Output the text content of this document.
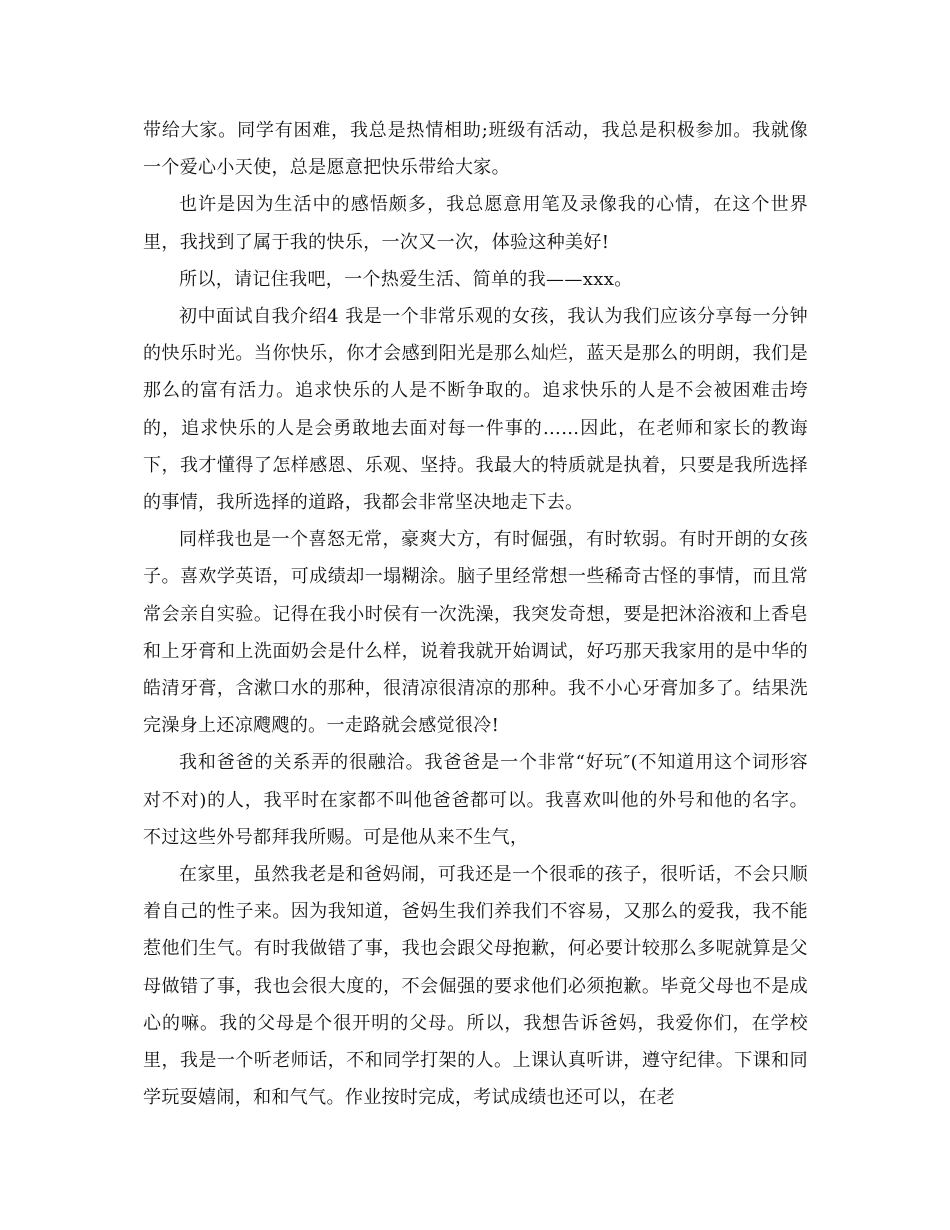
带给大家。同学有困难，我总是热情相助;班级有活动，我总是积极参加。我就像一个爱心小天使，总是愿意把快乐带给大家。

也许是因为生活中的感悟颇多，我总愿意用笔及录像我的心情，在这个世界里，我找到了属于我的快乐，一次又一次，体验这种美好!

所以，请记住我吧，一个热爱生活、简单的我——xxx。

初中面试自我介绍4 我是一个非常乐观的女孩，我认为我们应该分享每一分钟的快乐时光。当你快乐，你才会感到阳光是那么灿烂，蓝天是那么的明朗，我们是那么的富有活力。追求快乐的人是不断争取的。追求快乐的人是不会被困难击垮的，追求快乐的人是会勇敢地去面对每一件事的……因此，在老师和家长的教诲下，我才懂得了怎样感恩、乐观、坚持。我最大的特质就是执着，只要是我所选择的事情，我所选择的道路，我都会非常坚决地走下去。

同样我也是一个喜怒无常，豪爽大方，有时倔强，有时软弱。有时开朗的女孩子。喜欢学英语，可成绩却一塌糊涂。脑子里经常想一些稀奇古怪的事情，而且常常会亲自实验。记得在我小时侯有一次洗澡，我突发奇想，要是把沐浴液和上香皂和上牙膏和上洗面奶会是什么样，说着我就开始调试，好巧那天我家用的是中华的皓清牙膏，含漱口水的那种，很清凉很清凉的那种。我不小心牙膏加多了。结果洗完澡身上还凉飕飕的。一走路就会感觉很冷!

我和爸爸的关系弄的很融洽。我爸爸是一个非常“好玩″(不知道用这个词形容对不对)的人，我平时在家都不叫他爸爸都可以。我喜欢叫他的外号和他的名字。不过这些外号都拜我所赐。可是他从来不生气，

在家里，虽然我老是和爸妈闹，可我还是一个很乖的孩子，很听话，不会只顺着自己的性子来。因为我知道，爸妈生我们养我们不容易，又那么的爱我，我不能惹他们生气。有时我做错了事，我也会跟父母抱歉，何必要计较那么多呢就算是父母做错了事，我也会很大度的，不会倔强的要求他们必须抱歉。毕竟父母也不是成心的嘛。我的父母是个很开明的父母。所以，我想告诉爸妈，我爱你们，在学校里，我是一个听老师话，不和同学打架的人。上课认真听讲，遵守纪律。下课和同学玩耍嬉闹，和和气气。作业按时完成，考试成绩也还可以，在老
